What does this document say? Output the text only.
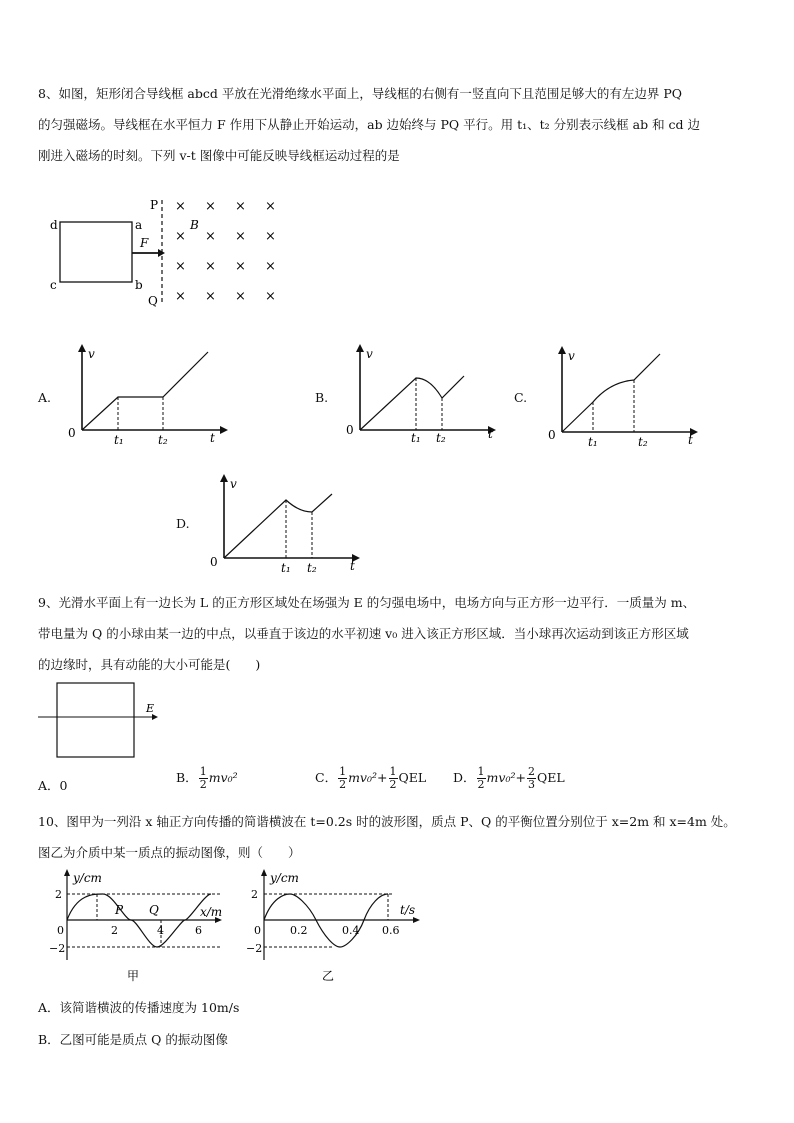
8、如图，矩形闭合导线框 abcd 平放在光滑绝缘水平面上，导线框的右侧有一竖直向下且范围足够大的有左边界 PQ
的匀强磁场。导线框在水平恒力 F 作用下从静止开始运动，ab 边始终与 PQ 平行。用 t₁、t₂ 分别表示线框 ab 和 cd 边
刚进入磁场的时刻。下列 v-t 图像中可能反映导线框运动过程的是
d	a
c	b
F
P
Q
B
× × × ×
× × × ×
× × × ×
× × × ×
A.
v
t
0	t₁	t₂
B.
v
t
0
t₁ t₂
C.
v
t
0	t₁	t₂
D.
v
t
0	t₁ t₂
9、光滑水平面上有一边长为 L 的正方形区域处在场强为 E 的匀强电场中，电场方向与正方形一边平行．一质量为 m、
带电量为 Q 的小球由某一边的中点，以垂直于该边的水平初速 v₀ 进入该正方形区域．当小球再次运动到该正方形区域
的边缘时，具有动能的大小可能是(　　)
E
A．0
B． $\frac{1}{2} mv_0^2$	C． $\frac{1}{2} mv_0^2+ \frac{1}{2}$ QEL D． $\frac{1}{2} mv_0^2+ \frac{2}{3}$ QEL
10、图甲为一列沿 x 轴正方向传播的简谐横波在 t=0.2s 时的波形图，质点 P、Q 的平衡位置分别位于 x=2m 和 x=4m 处。
图乙为介质中某一质点的振动图像，则（　　）
y/cm
x/m
2
−2
0	2	4	6
P Q
甲
y/cm
t/s
2
−2
0	0.2	0.4 0.6
乙
A．该简谐横波的传播速度为 10m/s
B．乙图可能是质点 Q 的振动图像
